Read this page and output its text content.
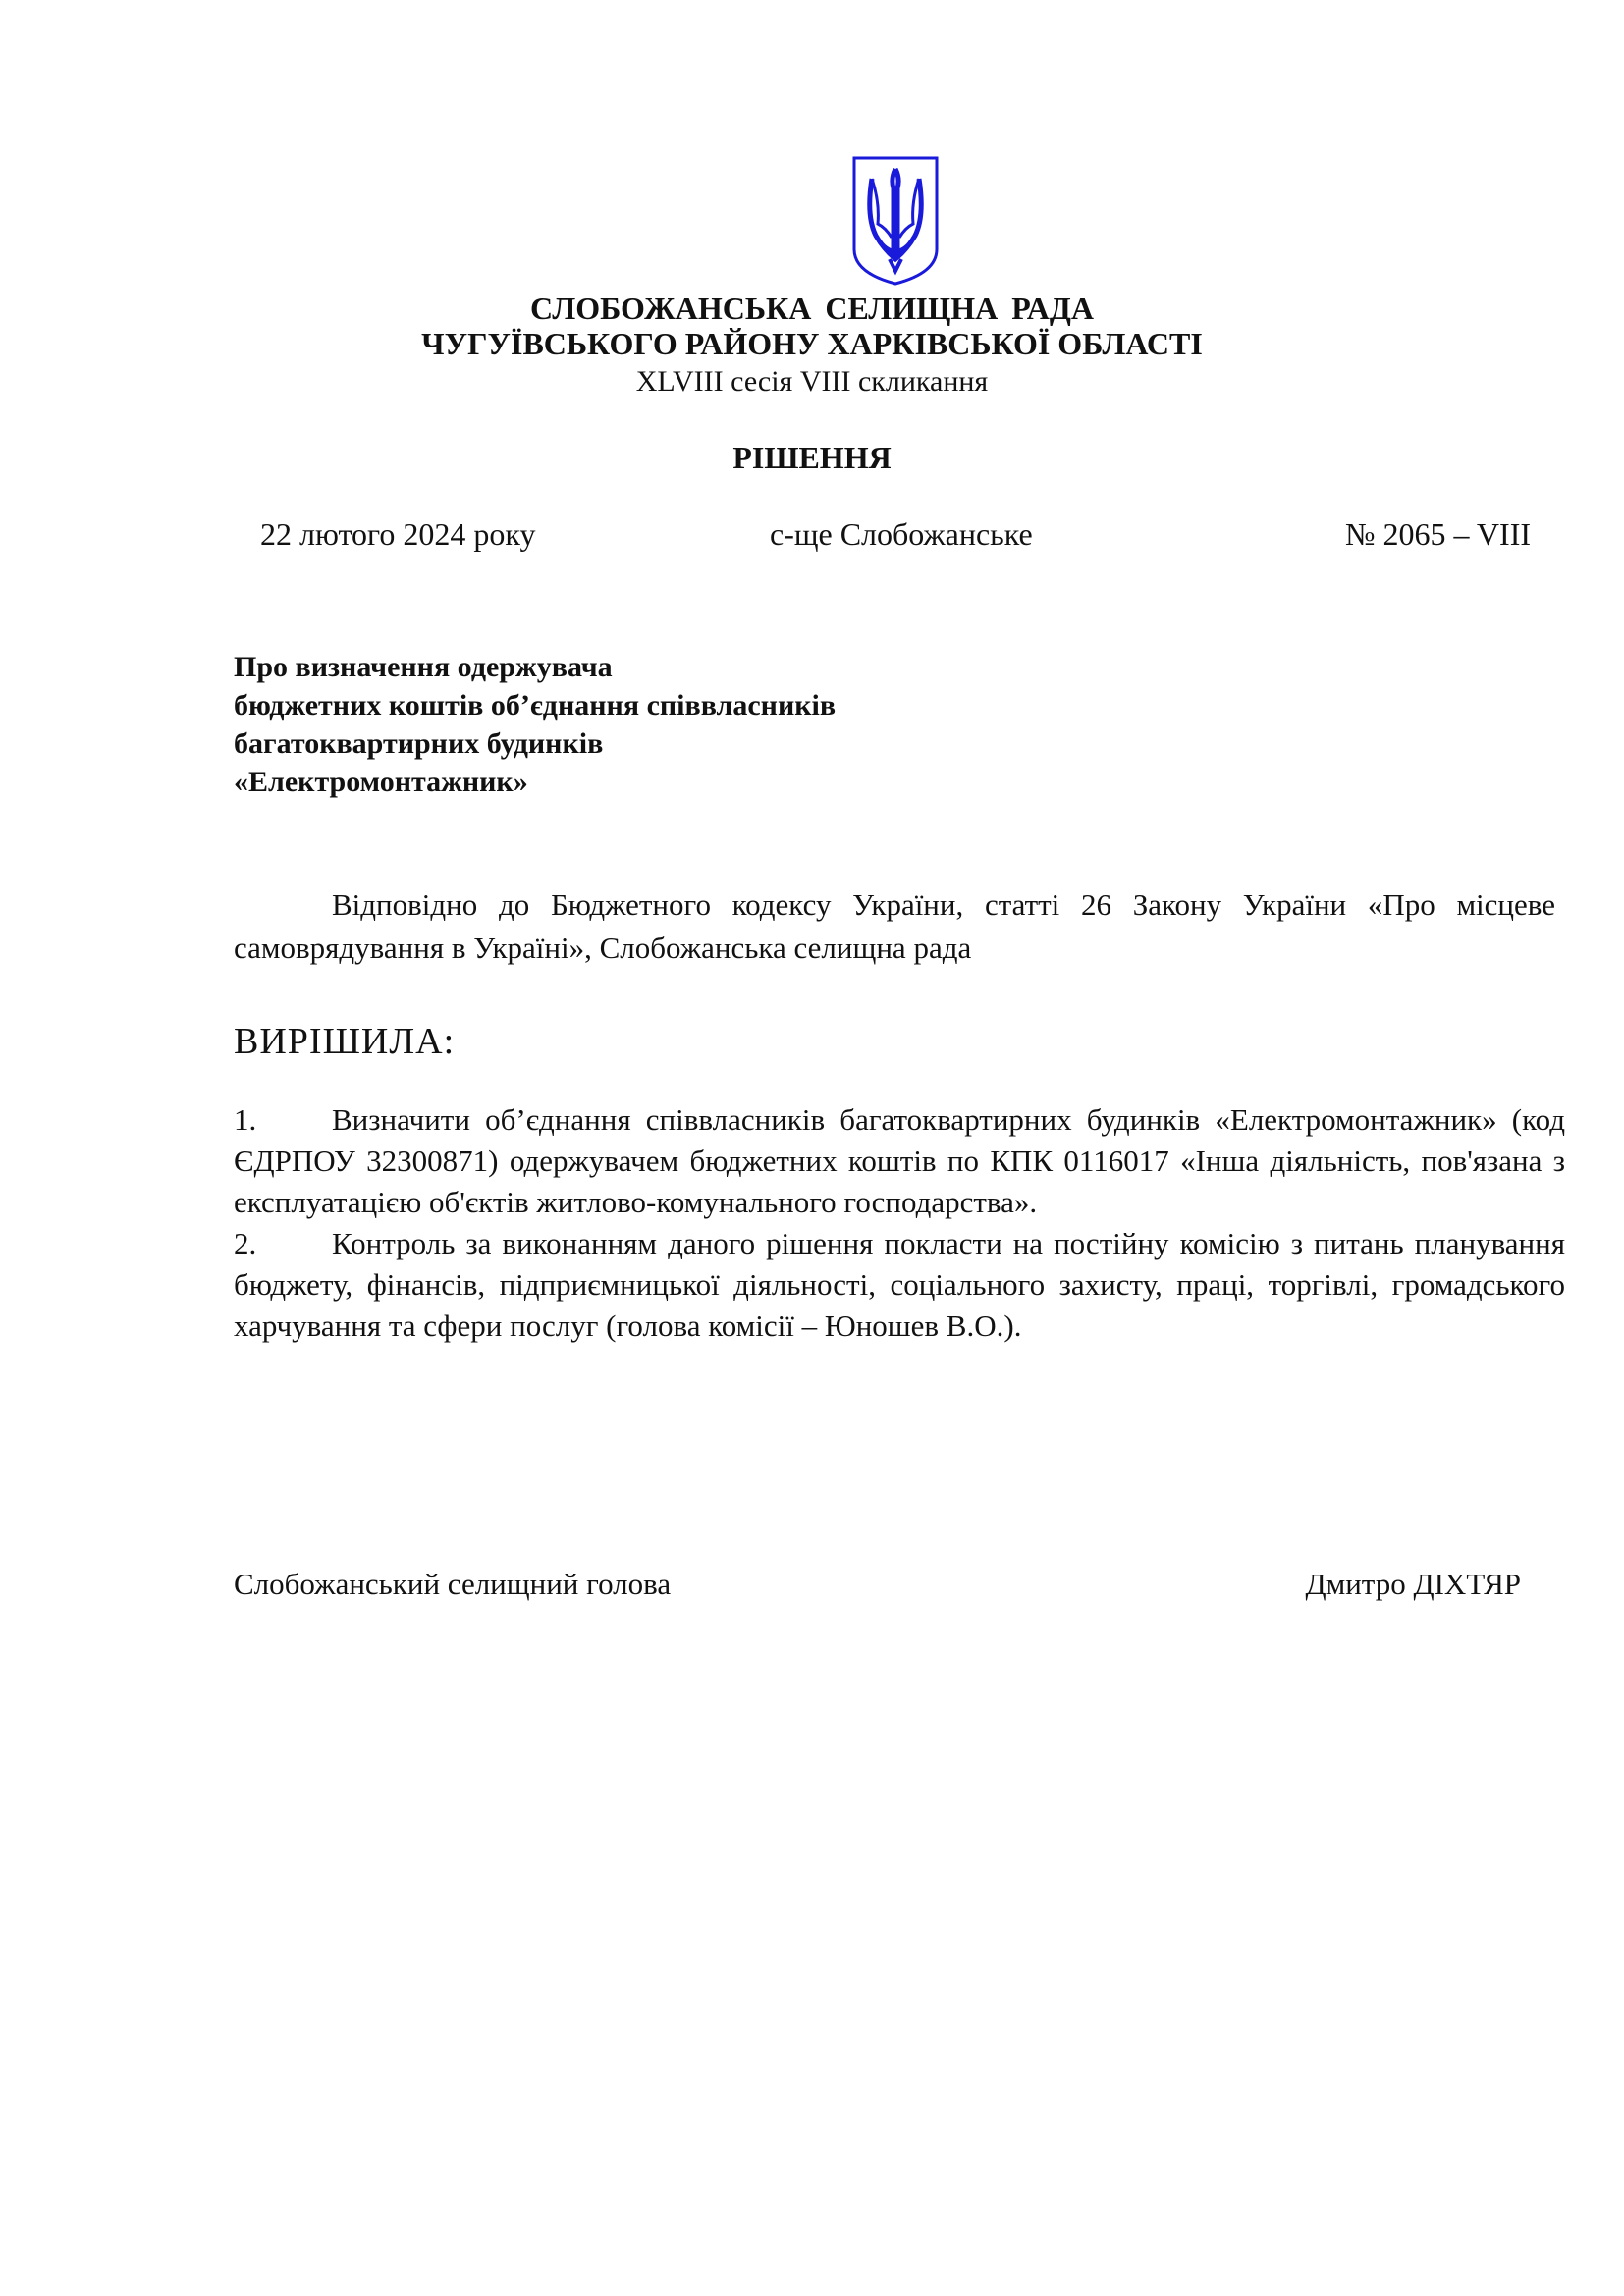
СЛОБОЖАНСЬКА СЕЛИЩНА РАДА
ЧУГУЇВСЬКОГО РАЙОНУ ХАРКІВСЬКОЇ ОБЛАСТІ
XLVIII сесія VIII скликання
РІШЕННЯ
22 лютого 2024 року	с-ще Слобожанське	№ 2065 – VIII
Про визначення одержувача
бюджетних коштів об’єднання співвласників
багатоквартирних будинків
«Електромонтажник»
Відповідно до Бюджетного кодексу України, статті 26 Закону України «Про місцеве самоврядування в Україні», Слобожанська селищна рада
ВИРІШИЛА:

1. Визначити об’єднання співвласників багатоквартирних будинків «Електромонтажник» (код ЄДРПОУ 32300871) одержувачем бюджетних коштів по КПК 0116017 «Інша діяльність, пов'язана з експлуатацією об'єктів житлово-комунального господарства».

2. Контроль за виконанням даного рішення покласти на постійну комісію з питань планування бюджету, фінансів, підприємницької діяльності, соціального захисту, праці, торгівлі, громадського харчування та сфери послуг (голова комісії – Юношев В.О.).

Слобожанський селищний голова	Дмитро ДІХТЯР
